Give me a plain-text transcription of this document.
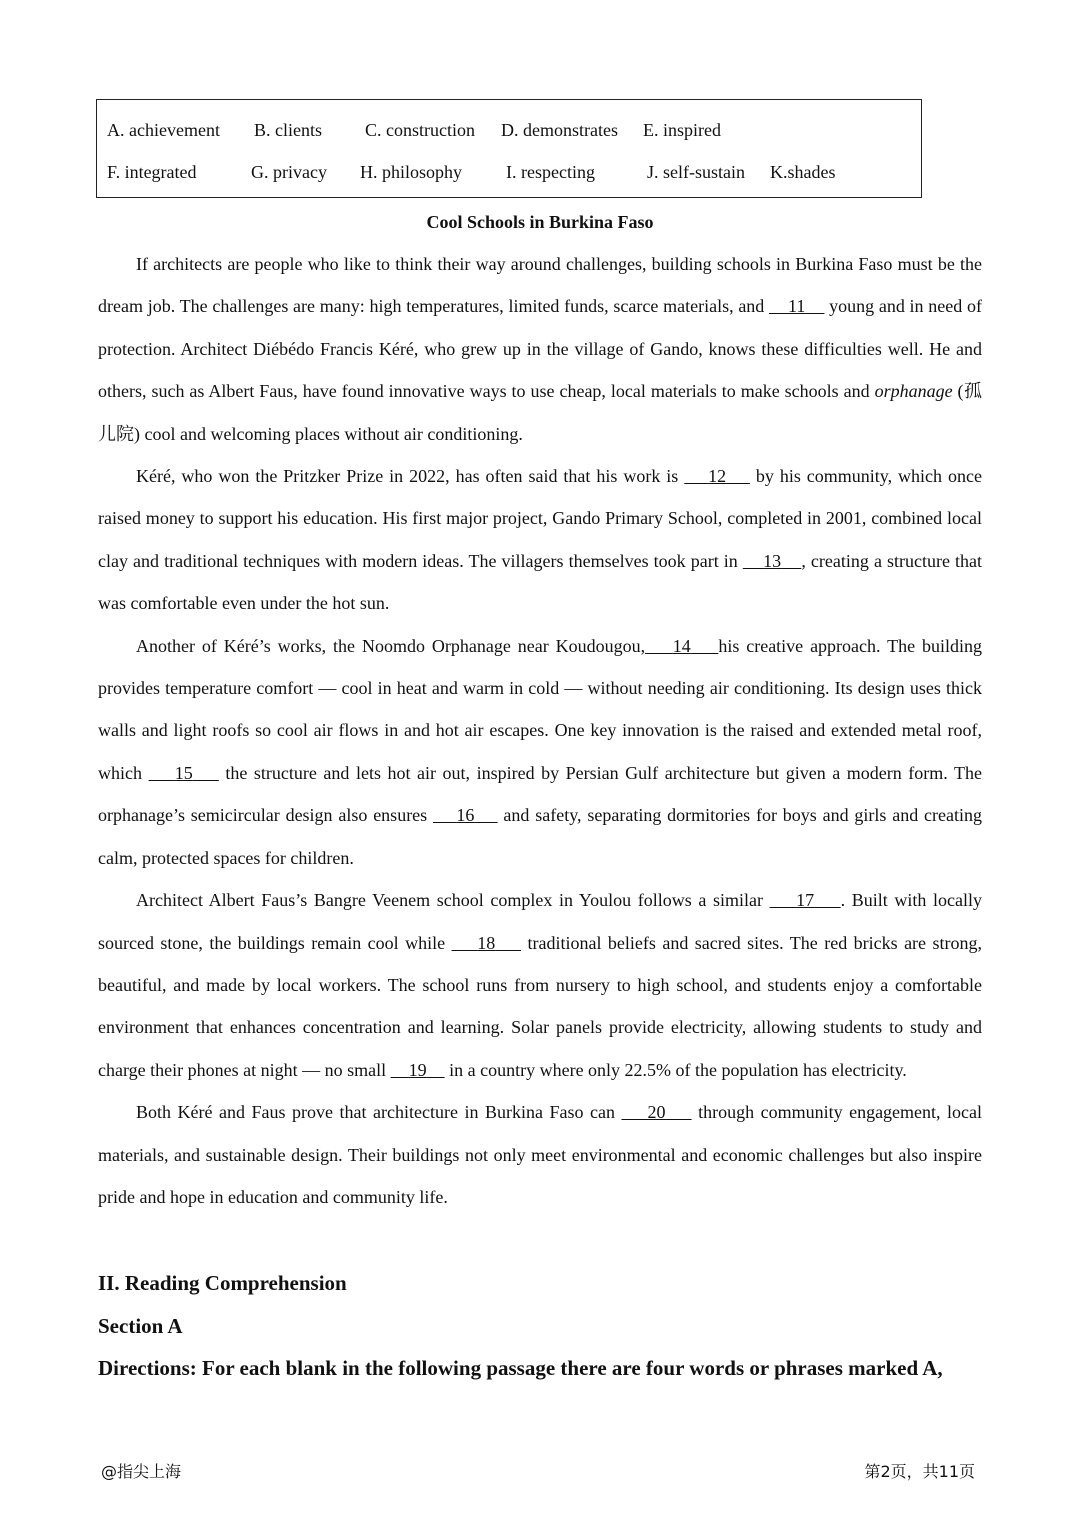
A. achievement B. clients C. construction D. demonstrates E. inspired
F. integrated	G. privacy H. philosophy I. respecting	J. self-sustain K.shades
Cool Schools in Burkina Faso

If architects are people who like to think their way around challenges, building schools in Burkina Faso must be the dream job. The challenges are many: high temperatures, limited funds, scarce materials, and     11     young and in need of protection. Architect Diébédo Francis Kéré, who grew up in the village of Gando, knows these difficulties well. He and others, such as Albert Faus, have found innovative ways to use cheap, local materials to make schools and orphanage (孤儿院) cool and welcoming places without air conditioning.

Kéré, who won the Pritzker Prize in 2022, has often said that his work is     12     by his community, which once raised money to support his education. His first major project, Gando Primary School, completed in 2001, combined local clay and traditional techniques with modern ideas. The villagers themselves took part in     13 , creating a structure that was comfortable even under the hot sun.

Another of Kéré’s works, the Noomdo Orphanage near Koudougou, 14 his creative approach. The building provides temperature comfort — cool in heat and warm in cold — without needing air conditioning. Its design uses thick walls and light roofs so cool air flows in and hot air escapes. One key innovation is the raised and extended metal roof, which     15     the structure and lets hot air out, inspired by Persian Gulf architecture but given a modern form. The orphanage’s semicircular design also ensures     16     and safety, separating dormitories for boys and girls and creating calm, protected spaces for children.

Architect Albert Faus’s Bangre Veenem school complex in Youlou follows a similar     17 . Built with locally sourced stone, the buildings remain cool while     18     traditional beliefs and sacred sites. The red bricks are strong, beautiful, and made by local workers. The school runs from nursery to high school, and students enjoy a comfortable environment that enhances concentration and learning. Solar panels provide electricity, allowing students to study and charge their phones at night — no small     19     in a country where only 22.5% of the population has electricity.

Both Kéré and Faus prove that architecture in Burkina Faso can     20     through community engagement, local materials, and sustainable design. Their buildings not only meet environmental and economic challenges but also inspire pride and hope in education and community life.

II. Reading Comprehension
Section A
Directions: For each blank in the following passage there are four words or phrases marked A,
@指尖上海	第2页，共11页
